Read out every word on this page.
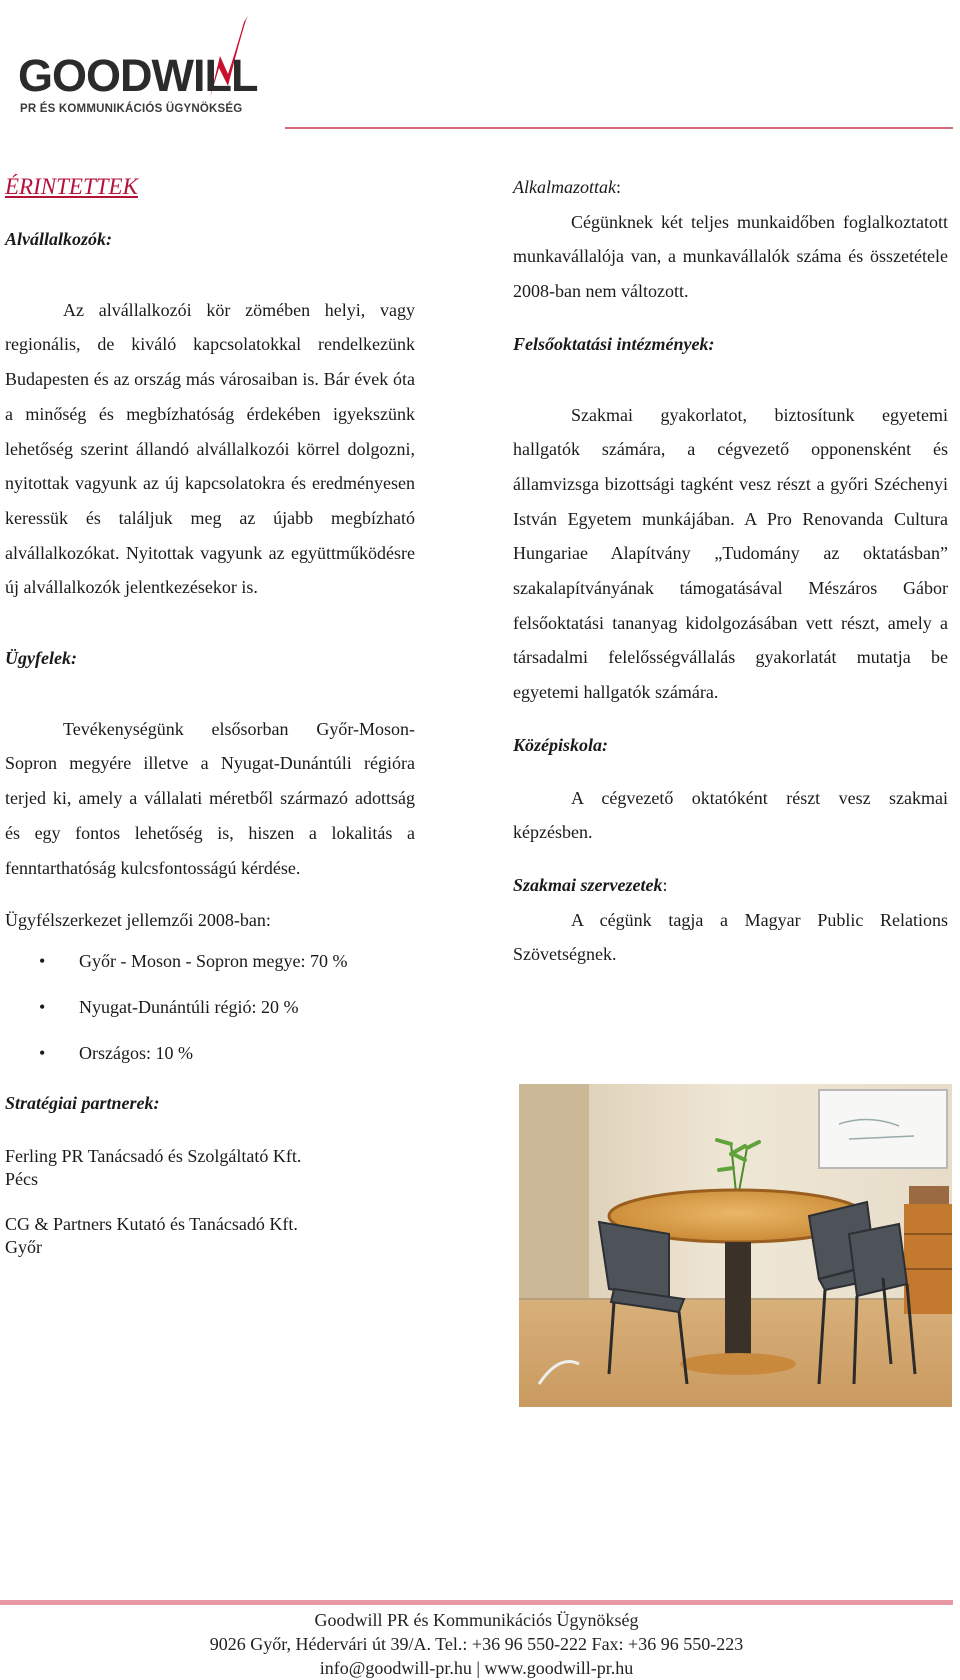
GOODWILL
PR ÉS KOMMUNIKÁCIÓS ÜGYNÖKSÉG

ÉRINTETTEK

Alvállalkozók:

Az alvállalkozói kör zömében helyi, vagy regionális, de kiváló kapcsolatokkal rendelkezünk Budapesten és az ország más városaiban is. Bár évek óta a minőség és megbízhatóság érdekében igyekszünk lehetőség szerint állandó alvállalkozói körrel dolgozni, nyitottak vagyunk az új kapcsolatokra és eredményesen keressük és találjuk meg az újabb megbízható alvállalkozókat. Nyitottak vagyunk az együttműködésre új alvállalkozók jelentkezésekor is.

Ügyfelek:

Tevékenységünk elsősorban Győr-Moson-Sopron megyére illetve a Nyugat-Dunántúli régióra terjed ki, amely a vállalati méretből származó adottság és egy fontos lehetőség is, hiszen a lokalitás a fenntarthatóság kulcsfontosságú kérdése.

Ügyfélszerkezet jellemzői 2008-ban:

• Győr - Moson - Sopron megye: 70 %
• Nyugat-Dunántúli régió: 20 %
• Országos: 10 %

Stratégiai partnerek:

Ferling PR Tanácsadó és Szolgáltató Kft.

Pécs

CG & Partners Kutató és Tanácsadó Kft.

Győr

Alkalmazottak:

Cégünknek két teljes munkaidőben foglalkoztatott munkavállalója van, a munkavállalók száma és összetétele 2008-ban nem változott.

Felsőoktatási intézmények:

Szakmai gyakorlatot, biztosítunk egyetemi hallgatók számára, a cégvezető opponensként és államvizsga bizottsági tagként vesz részt a győri Széchenyi István Egyetem munkájában. A Pro Renovanda Cultura Hungariae Alapítvány „Tudomány az oktatásban” szakalapítványának támogatásával Mészáros Gábor felsőoktatási tananyag kidolgozásában vett részt, amely a társadalmi felelősségvállalás gyakorlatát mutatja be egyetemi hallgatók számára.

Középiskola:

A cégvezető oktatóként részt vesz szakmai képzésben.

Szakmai szervezetek:

A cégünk tagja a Magyar Public Relations Szövetségnek.

Goodwill PR és Kommunikációs Ügynökség
9026 Győr, Hédervári út 39/A. Tel.: +36 96 550-222 Fax: +36 96 550-223
info@goodwill-pr.hu | www.goodwill-pr.hu
